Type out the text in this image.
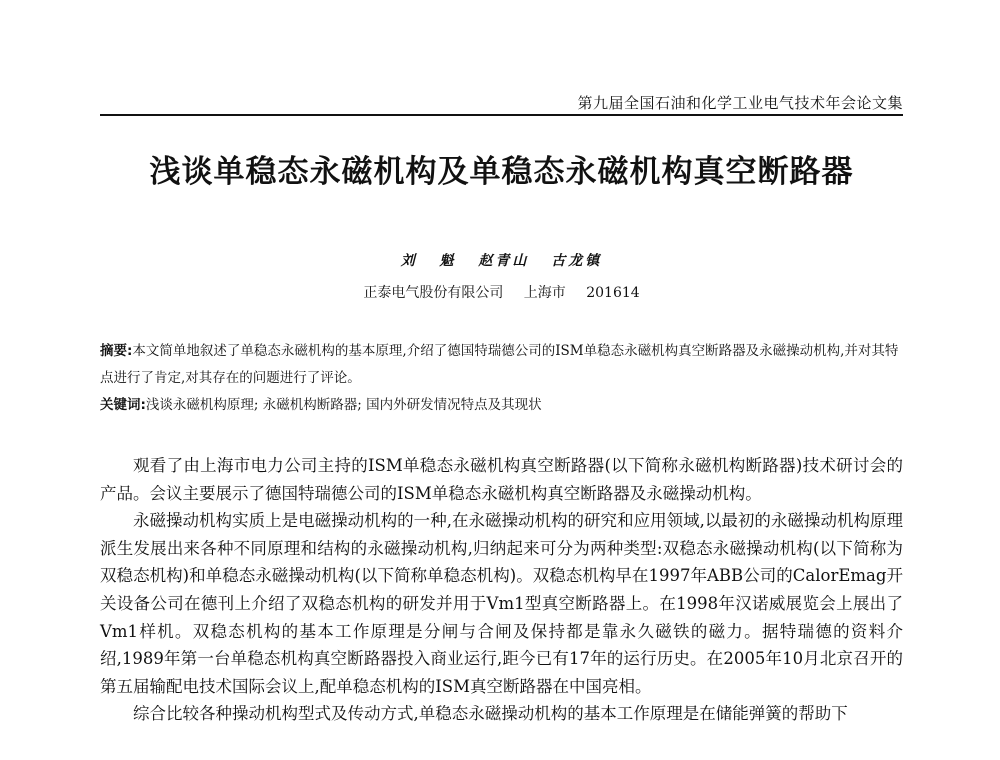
第九届全国石油和化学工业电气技术年会论文集
浅谈单稳态永磁机构及单稳态永磁机构真空断路器
刘 魁 赵青山 古龙镇
正泰电气股份有限公司 上海市 201614

摘要:本文简单地叙述了单稳态永磁机构的基本原理,介绍了德国特瑞德公司的ISM单稳态永磁机构真空断路器及永磁操动机构,并对其特点进行了肯定,对其存在的问题进行了评论。

关键词:浅谈永磁机构原理; 永磁机构断路器; 国内外研发情况特点及其现状

观看了由上海市电力公司主持的ISM单稳态永磁机构真空断路器(以下简称永磁机构断路器)技术研讨会的产品。会议主要展示了德国特瑞德公司的ISM单稳态永磁机构真空断路器及永磁操动机构。

永磁操动机构实质上是电磁操动机构的一种,在永磁操动机构的研究和应用领域,以最初的永磁操动机构原理派生发展出来各种不同原理和结构的永磁操动机构,归纳起来可分为两种类型:双稳态永磁操动机构(以下简称为双稳态机构)和单稳态永磁操动机构(以下简称单稳态机构)。双稳态机构早在1997年ABB公司的CalorEmag开关设备公司在德刊上介绍了双稳态机构的研发并用于Vm1型真空断路器上。在1998年汉诺威展览会上展出了Vm1样机。双稳态机构的基本工作原理是分闸与合闸及保持都是靠永久磁铁的磁力。据特瑞德的资料介绍,1989年第一台单稳态机构真空断路器投入商业运行,距今已有17年的运行历史。在2005年10月北京召开的第五届输配电技术国际会议上,配单稳态机构的ISM真空断路器在中国亮相。

综合比较各种操动机构型式及传动方式,单稳态永磁操动机构的基本工作原理是在储能弹簧的帮助下
